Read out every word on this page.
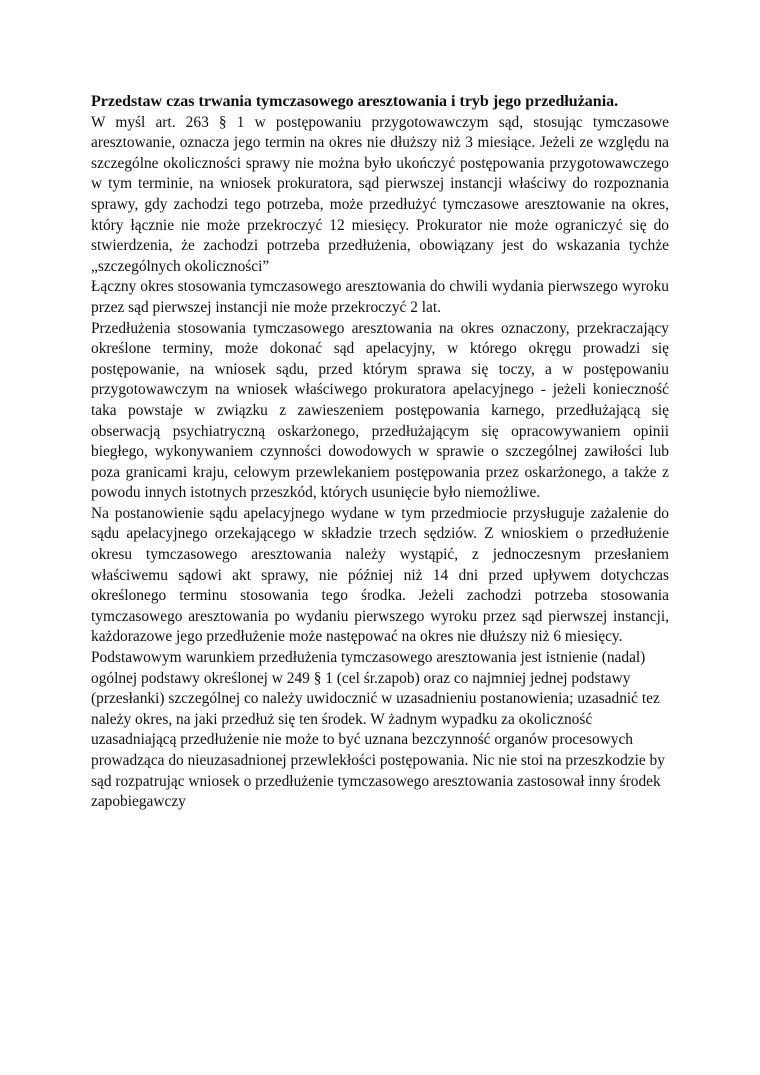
Przedstaw czas trwania tymczasowego aresztowania i tryb jego przedłużania.

W myśl art. 263 § 1 w postępowaniu przygotowawczym sąd, stosując tymczasowe aresztowanie, oznacza jego termin na okres nie dłuższy niż 3 miesiące. Jeżeli ze względu na szczególne okoliczności sprawy nie można było ukończyć postępowania przygotowawczego w tym terminie, na wniosek prokuratora, sąd pierwszej instancji właściwy do rozpoznania sprawy, gdy zachodzi tego potrzeba, może przedłużyć tymczasowe aresztowanie na okres, który łącznie nie może przekroczyć 12 miesięcy. Prokurator nie może ograniczyć się do stwierdzenia, że zachodzi potrzeba przedłużenia, obowiązany jest do wskazania tychże „szczególnych okoliczności”

Łączny okres stosowania tymczasowego aresztowania do chwili wydania pierwszego wyroku przez sąd pierwszej instancji nie może przekroczyć 2 lat.

Przedłużenia stosowania tymczasowego aresztowania na okres oznaczony, przekraczający określone terminy, może dokonać sąd apelacyjny, w którego okręgu prowadzi się postępowanie, na wniosek sądu, przed którym sprawa się toczy, a w postępowaniu przygotowawczym na wniosek właściwego prokuratora apelacyjnego - jeżeli konieczność taka powstaje w związku z zawieszeniem postępowania karnego, przedłużającą się obserwacją psychiatryczną oskarżonego, przedłużającym się opracowywaniem opinii biegłego, wykonywaniem czynności dowodowych w sprawie o szczególnej zawiłości lub poza granicami kraju, celowym przewlekaniem postępowania przez oskarżonego, a także z powodu innych istotnych przeszkód, których usunięcie było niemożliwe.

Na postanowienie sądu apelacyjnego wydane w tym przedmiocie przysługuje zażalenie do sądu apelacyjnego orzekającego w składzie trzech sędziów. Z wnioskiem o przedłużenie okresu tymczasowego aresztowania należy wystąpić, z jednoczesnym przesłaniem właściwemu sądowi akt sprawy, nie później niż 14 dni przed upływem dotychczas określonego terminu stosowania tego środka. Jeżeli zachodzi potrzeba stosowania tymczasowego aresztowania po wydaniu pierwszego wyroku przez sąd pierwszej instancji, każdorazowe jego przedłużenie może następować na okres nie dłuższy niż 6 miesięcy.

Podstawowym warunkiem przedłużenia tymczasowego aresztowania jest istnienie (nadal) ogólnej podstawy określonej w 249 § 1 (cel śr.zapob) oraz co najmniej jednej podstawy (przesłanki) szczególnej co należy uwidocznić w uzasadnieniu postanowienia; uzasadnić tez należy okres, na jaki przedłuż się ten środek. W żadnym wypadku za okoliczność uzasadniającą przedłużenie nie może to być uznana bezczynność organów procesowych prowadząca do nieuzasadnionej przewlekłości postępowania. Nic nie stoi na przeszkodzie by sąd rozpatrując wniosek o przedłużenie tymczasowego aresztowania zastosował inny środek zapobiegawczy
